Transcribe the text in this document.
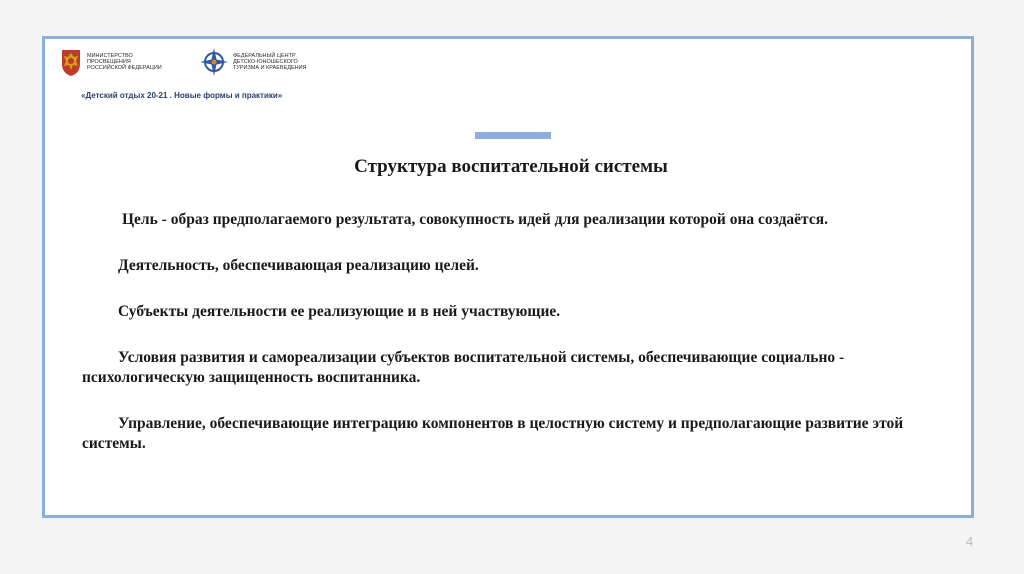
МИНИСТЕРСТВО ПРОСВЕЩЕНИЯ
РОССИЙСКОЙ ФЕДЕРАЦИИ
ФЕДЕРАЛЬНЫЙ ЦЕНТР
ДЕТСКО-ЮНОШЕСКОГО
ТУРИЗМА И КРАЕВЕДЕНИЯ
«Детский отдых 20-21 . Новые формы и практики»
Структура воспитательной системы

Цель - образ предполагаемого результата, совокупность идей для реализации которой она создаётся.

Деятельность, обеспечивающая реализацию целей.

Субъекты деятельности ее реализующие и в ней участвующие.

Условия развития и самореализации субъектов воспитательной системы, обеспечивающие социально - психологическую защищенность воспитанника.

Управление, обеспечивающие интеграцию компонентов в целостную систему и предполагающие развитие этой системы.

4
